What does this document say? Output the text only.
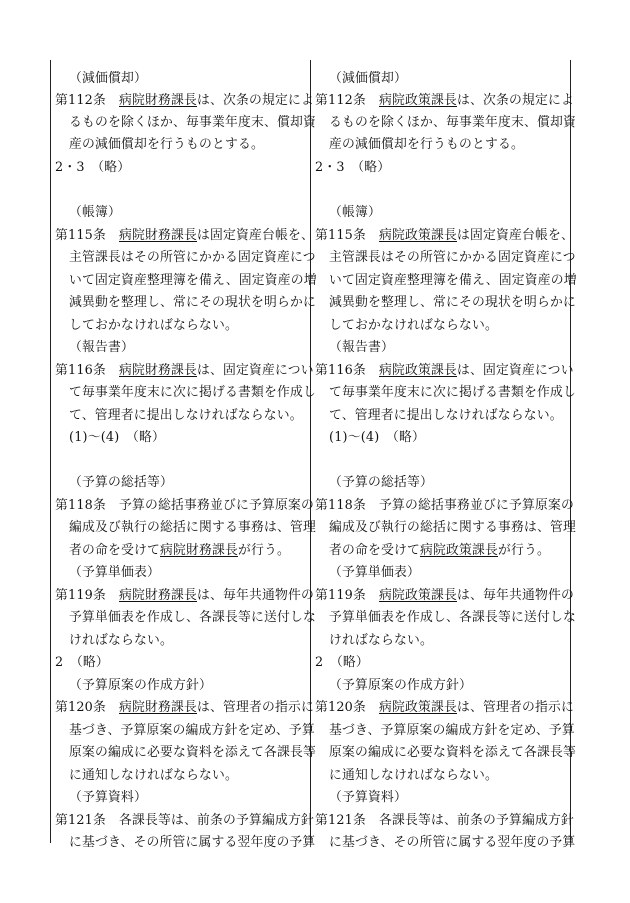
（減価償却）
第112条　病院財務課長は、次条の規定によ
るものを除くほか、毎事業年度末、償却資
産の減価償却を行うものとする。
2・3　（略）
（帳簿）
第115条　病院財務課長は固定資産台帳を、
主管課長はその所管にかかる固定資産につ
いて固定資産整理簿を備え、固定資産の増
減異動を整理し、常にその現状を明らかに
しておかなければならない。
（報告書）
第116条　病院財務課長は、固定資産につい
て毎事業年度末に次に掲げる書類を作成し
て、管理者に提出しなければならない。
(1)～(4)　（略）
（予算の総括等）
第118条　予算の総括事務並びに予算原案の
編成及び執行の総括に関する事務は、管理
者の命を受けて病院財務課長が行う。
（予算単価表）
第119条　病院財務課長は、毎年共通物件の
予算単価表を作成し、各課長等に送付しな
ければならない。
2　（略）
（予算原案の作成方針）
第120条　病院財務課長は、管理者の指示に
基づき、予算原案の編成方針を定め、予算
原案の編成に必要な資料を添えて各課長等
に通知しなければならない。
（予算資料）
第121条　各課長等は、前条の予算編成方針
に基づき、その所管に属する翌年度の予算
（減価償却）
第112条　病院政策課長は、次条の規定によ
るものを除くほか、毎事業年度末、償却資
産の減価償却を行うものとする。
2・3　（略）
（帳簿）
第115条　病院政策課長は固定資産台帳を、
主管課長はその所管にかかる固定資産につ
いて固定資産整理簿を備え、固定資産の増
減異動を整理し、常にその現状を明らかに
しておかなければならない。
（報告書）
第116条　病院政策課長は、固定資産につい
て毎事業年度末に次に掲げる書類を作成し
て、管理者に提出しなければならない。
(1)～(4)　（略）
（予算の総括等）
第118条　予算の総括事務並びに予算原案の
編成及び執行の総括に関する事務は、管理
者の命を受けて病院政策課長が行う。
（予算単価表）
第119条　病院政策課長は、毎年共通物件の
予算単価表を作成し、各課長等に送付しな
ければならない。
2　（略）
（予算原案の作成方針）
第120条　病院政策課長は、管理者の指示に
基づき、予算原案の編成方針を定め、予算
原案の編成に必要な資料を添えて各課長等
に通知しなければならない。
（予算資料）
第121条　各課長等は、前条の予算編成方針
に基づき、その所管に属する翌年度の予算
